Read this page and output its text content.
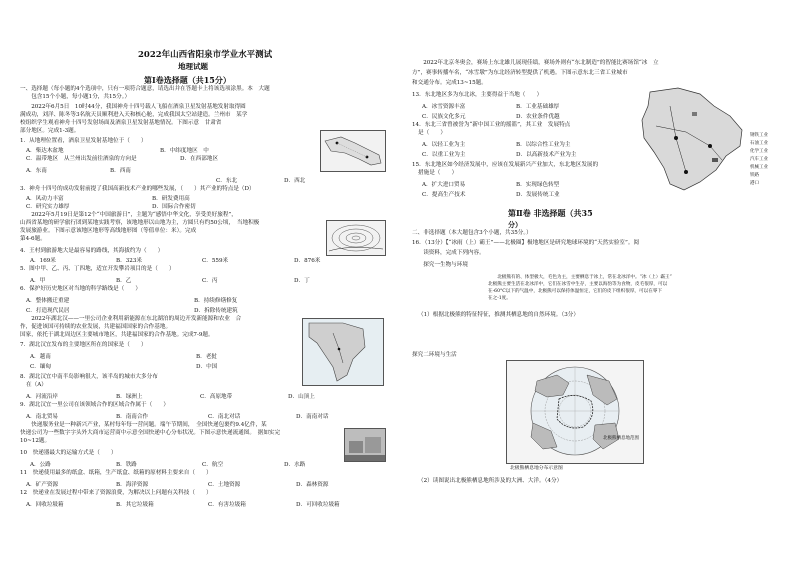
2022年山西省阳泉市学业水平测试
地理试题
第Ⅰ卷选择题（共15分）
一、选择题（每小题的4个选项中，只有一项符合题意，请选出并在答题卡上将该选项涂黑。本　大题
　　包含15个小题，每小题1分，共15分。）
　　2022年6月5日　10时44分，我国神舟十四号载人飞船在酒泉卫星发射基地发射取得圆
满成功，刘洋、陈冬等3名航天员顺利进入天和核心舱，完成我国太空站建造。兰州市　某学
校组织学生观看神舟十四号发射场面及酒泉卫星发射基地情况。下图示意　甘肃省
部分地区。完成1-3题。
1．从地理位置看，酒泉卫星发射基地位于（　　）
A．柴达木盆地	B．中纬度地区　中
C．温带地区　从兰州出发前往酒泉的方向是	D．在西部地区
A．东南	B．西南
C．东北	D．西北
3．神舟十四号的成功发射前提了我国高新技术产业的哪些发展，（　　）其产业的特点是（D）
A．风动力丰富
C．研究实力雄厚
B．研发费用高
D．国际合作密切
　　2022年5月19日是第12个“中国旅游日”，主题为“感悟中华文化，享受美好旅程”，
山西省某地的研学旅行团到某地实践考察，该地地形以山地为主，方圆只有约50公顷，　当地积极
发展旅游业。下图示意该地区地形等高线地形图（等值单位：米）。完成
第4-6题。
4．王村到旅游地大是最容易的路线，其海拔约为（　　）
A．169米	B．323米	C．559米	D．876米
5．图中甲、乙、丙、丁四地，适宜开发攀岩项目的是（　　）
A．甲	B．乙	C．丙	D．丁
6．保护好历史地区对当地的科学路线是（　　）
A．整体搬迁重建	B．持续修缮修复
C．打造现代民居	D．拆除传统建筑
　　2022年湖北汉——一里公司企业利用新能源在东北湖泊的周边开发新能源和农业　合
作，促进该国可持续的农业发展，共建福国国家的合作基地。
国家，依托于湖北周边区主要城市地区，共建福国家的合作基地。完成7-9题。
7．湖北汉宜发布的主要地区所在的国家是（　　）
A．越南	B．老挝
C．缅甸	D．中国
8．湖北汉宜中南半岛影响很大，该半岛的城市大多分布
在（A）
A．河流沿岸	B．绿洲上	C．高原地带	D．山顶上
9．湖北汉宜一里公司在该领域合作的区域合作属于（　　）
A．南北贸易	B．南南合作	C．南北对话	D．南南对话
　　快递服务业是一种新兴产业，某村每年每一营问题。端午节期间，　全国快递包裹约9.4亿件，某
快递公司为一些数字字头外大商市运营商中示意全国快递中心分布状况。下图示意快递流通图。　据如实完
10~12题。
10　快递器最大的运输方式是（　　）
A．公路	B．铁路	C．航空	D．水路
11　快递使用最多的纸盒、纸箱，生产纸盒、纸箱的原材料主要来自（　　）
A．矿产资源	B．海洋资源	C．土地资源	D．森林资源
12　快递业在发展过程中带来了资源浪费，为解决以上问题有关科技（　　）
A．回收垃圾箱	B．其它垃圾箱	C．有害垃圾箱	D．可回收垃圾箱
　　2022年北京冬奥会，赛场上东北雄儿展现佳绩，赛场外则有“东北制造”的智能比赛场馆“冰　立
方”，赛事转播车名，“冰雪墩”为东北经济转型提供了机遇。下图示意东北三省工业城市
和交通分布。完成13~15题。
钢铁工业
石油工业
化学工业
汽车工业
机械工业
铁路
港口
13．东北地区多为东北冰，主要得益于当地（　　）
A．冰雪资源丰富	B．工业基础雄厚
C．民族文化多元	D．农业条件优越
14．东北三省曾被誉为“新中国工业的摇篮”，其工业　发展特点
是（　　）
A．以轻工业为主	B．以综合性工业为主
C．以重工业为主	D．以高新技术产业为主
15．东北地区如今经济发展中，应该在发展新兴产业加大，东北地区发展的
措施是（　　）
A．扩大进口贸易	B．实现绿色转型
C．提高生产技术	D．发展传统工业
第Ⅱ卷 非选择题（共35
分）
二、非选择题（本大题包含3个小题，共35分。）
16．（13分）【“冰雨（上）霸王”——北极圈】极地地区是研究地球环境的“天然实验室”。阅
　　读资料，完成下列内容。
　　探究一生物与环境
　　北极熊有的、体型极大，毛色为主，主要栖息于冰上，常在北冰洋中。“冰（上）霸王”
北极熊主要生活在北冰洋中，它们在冰雪中生存，主要以海豹等为食物，皮毛很厚，可以
在-60°C以下的气温中，北极熊可以保持体温恒定，它们的皮下组织很厚，可以在零下
在之-1度。
（1）根据北极熊的特征特征，推测其栖息地的自然环境。（3分）
探究二环境与生活
北极熊栖息地范围
北极熊栖息地分布示意图
（2）读图说出北极熊栖息地所涉及的大洲、大洋。（4分）
